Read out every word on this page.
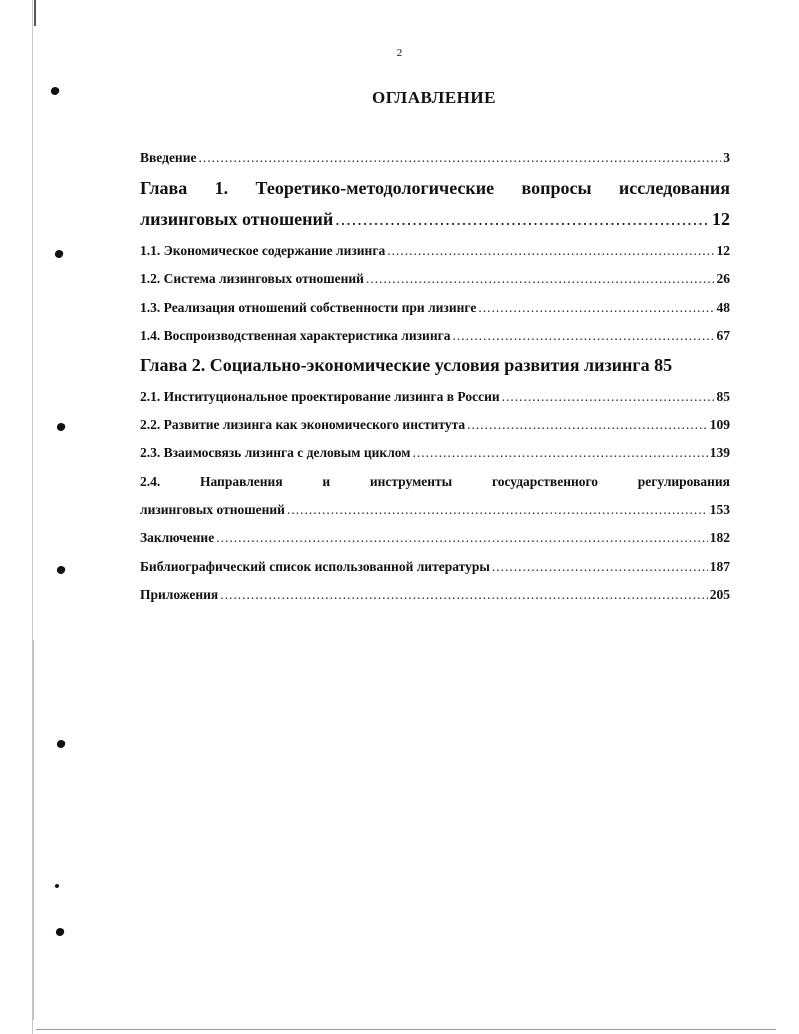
2
ОГЛАВЛЕНИЕ
Введение .....	3
Глава 1. Теоретико-методологические вопросы исследования
лизинговых отношений .....	12
1.1. Экономическое содержание лизинга .....	12
1.2. Система лизинговых отношений .....	26
1.3. Реализация отношений собственности при лизинге .....	48
1.4. Воспроизводственная характеристика лизинга .....	67
Глава 2. Социально-экономические условия развития лизинга 85
2.1. Институциональное проектирование лизинга в России .....	85
2.2. Развитие лизинга как экономического института .....	109
2.3. Взаимосвязь лизинга с деловым циклом .....	139
2.4. Направления и инструменты государственного регулирования
лизинговых отношений .....	153
Заключение .....	182
Библиографический список использованной литературы .....	187
Приложения .....	205
